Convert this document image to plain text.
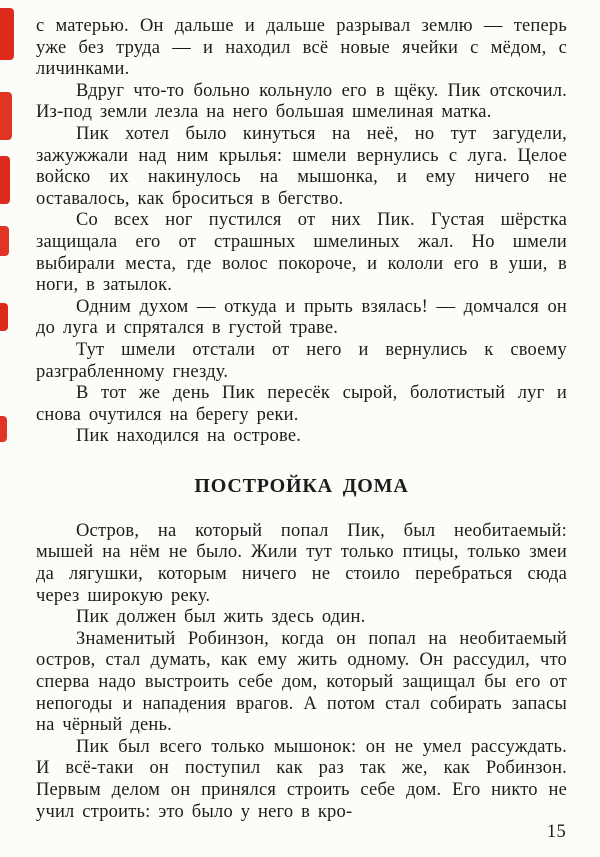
с матерью. Он дальше и дальше разрывал землю — теперь уже без труда — и находил всё новые ячейки с мёдом, с личинками.

Вдруг что-то больно кольнуло его в щёку. Пик отскочил. Из-под земли лезла на него большая шмелиная матка.

Пик хотел было кинуться на неё, но тут загудели, зажужжали над ним крылья: шмели вернулись с луга. Целое войско их накинулось на мышонка, и ему ничего не оставалось, как броситься в бегство.

Со всех ног пустился от них Пик. Густая шёрстка защищала его от страшных шмелиных жал. Но шмели выбирали места, где волос покороче, и кололи его в уши, в ноги, в затылок.

Одним духом — откуда и прыть взялась! — домчался он до луга и спрятался в густой траве.

Тут шмели отстали от него и вернулись к своему разграбленному гнезду.

В тот же день Пик пересёк сырой, болотистый луг и снова очутился на берегу реки.

Пик находился на острове.

ПОСТРОЙКА ДОМА

Остров, на который попал Пик, был необитаемый: мышей на нём не было. Жили тут только птицы, только змеи да лягушки, которым ничего не стоило перебраться сюда через широкую реку.

Пик должен был жить здесь один.

Знаменитый Робинзон, когда он попал на необитаемый остров, стал думать, как ему жить одному. Он рассудил, что сперва надо выстроить себе дом, который защищал бы его от непогоды и нападения врагов. А потом стал собирать запасы на чёрный день.

Пик был всего только мышонок: он не умел рассуждать. И всё-таки он поступил как раз так же, как Робинзон. Первым делом он принялся строить себе дом. Его никто не учил строить: это было у него в кро-

15
